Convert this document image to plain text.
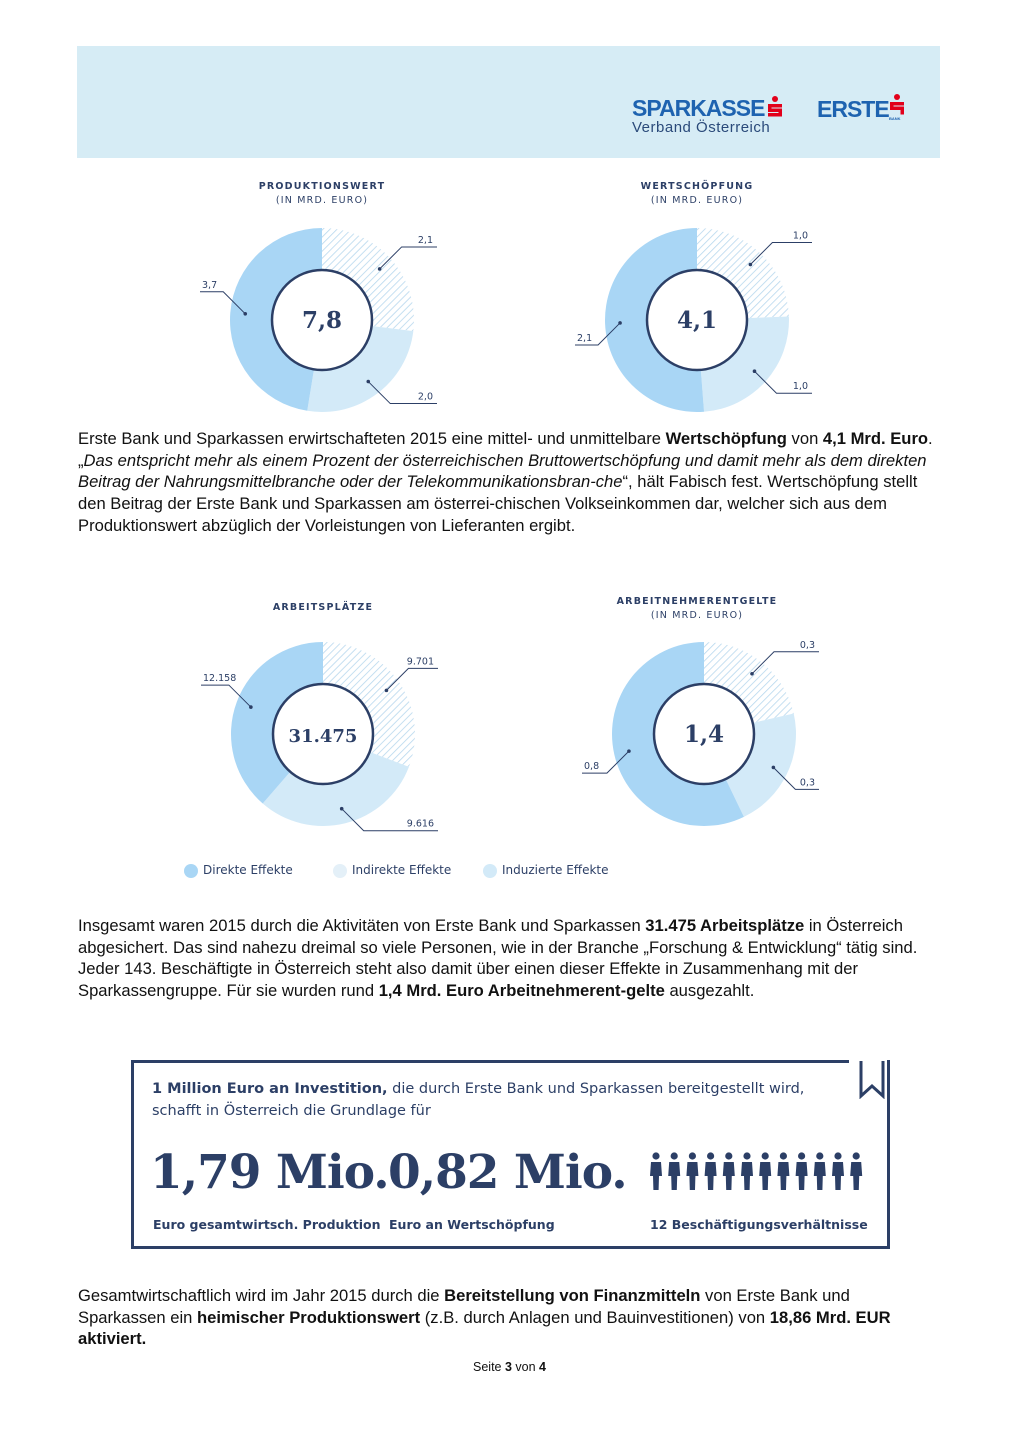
SPARKASSE
Verband Österreich
ERSTE BANK
PRODUKTIONSWERT
(IN MRD. EURO)
WERTSCHÖPFUNG
(IN MRD. EURO)
ARBEITSPLÄTZE
ARBEITNEHMERENTGELTE
(IN MRD. EURO)
2,1
2,0
3,7
7,8
1,0
1,0
2,1
4,1
9.701
9.616
12.158
31.475
0,3
0,3
0,8
1,4
Erste Bank und Sparkassen erwirtschafteten 2015 eine mittel- und unmittelbare Wertschöpfung von 4,1 Mrd. Euro. „Das entspricht mehr als einem Prozent der österreichischen Bruttowertschöpfung und damit mehr als dem direkten Beitrag der Nahrungsmittelbranche oder der Telekommunikationsbran-che“, hält Fabisch fest. Wertschöpfung stellt den Beitrag der Erste Bank und Sparkassen am österrei-chischen Volkseinkommen dar, welcher sich aus dem Produktionswert abzüglich der Vorleistungen von Lieferanten ergibt.
Direkte Effekte	Indirekte Effekte	Induzierte Effekte
Insgesamt waren 2015 durch die Aktivitäten von Erste Bank und Sparkassen 31.475 Arbeitsplätze in Österreich abgesichert. Das sind nahezu dreimal so viele Personen, wie in der Branche „Forschung & Entwicklung“ tätig sind. Jeder 143. Beschäftigte in Österreich steht also damit über einen dieser Effekte in Zusammenhang mit der Sparkassengruppe. Für sie wurden rund 1,4 Mrd. Euro Arbeitnehmerent-gelte ausgezahlt.
1 Million Euro an Investition, die durch Erste Bank und Sparkassen bereitgestellt wird, schafft in Österreich die Grundlage für
1,79 Mio.
Euro gesamtwirtsch. Produktion
0,82 Mio.
Euro an Wertschöpfung	12 Beschäftigungsverhältnisse
Gesamtwirtschaftlich wird im Jahr 2015 durch die Bereitstellung von Finanzmitteln von Erste Bank und Sparkassen ein heimischer Produktionswert (z.B. durch Anlagen und Bauinvestitionen) von 18,86 Mrd. EUR aktiviert.
Seite 3 von 4
